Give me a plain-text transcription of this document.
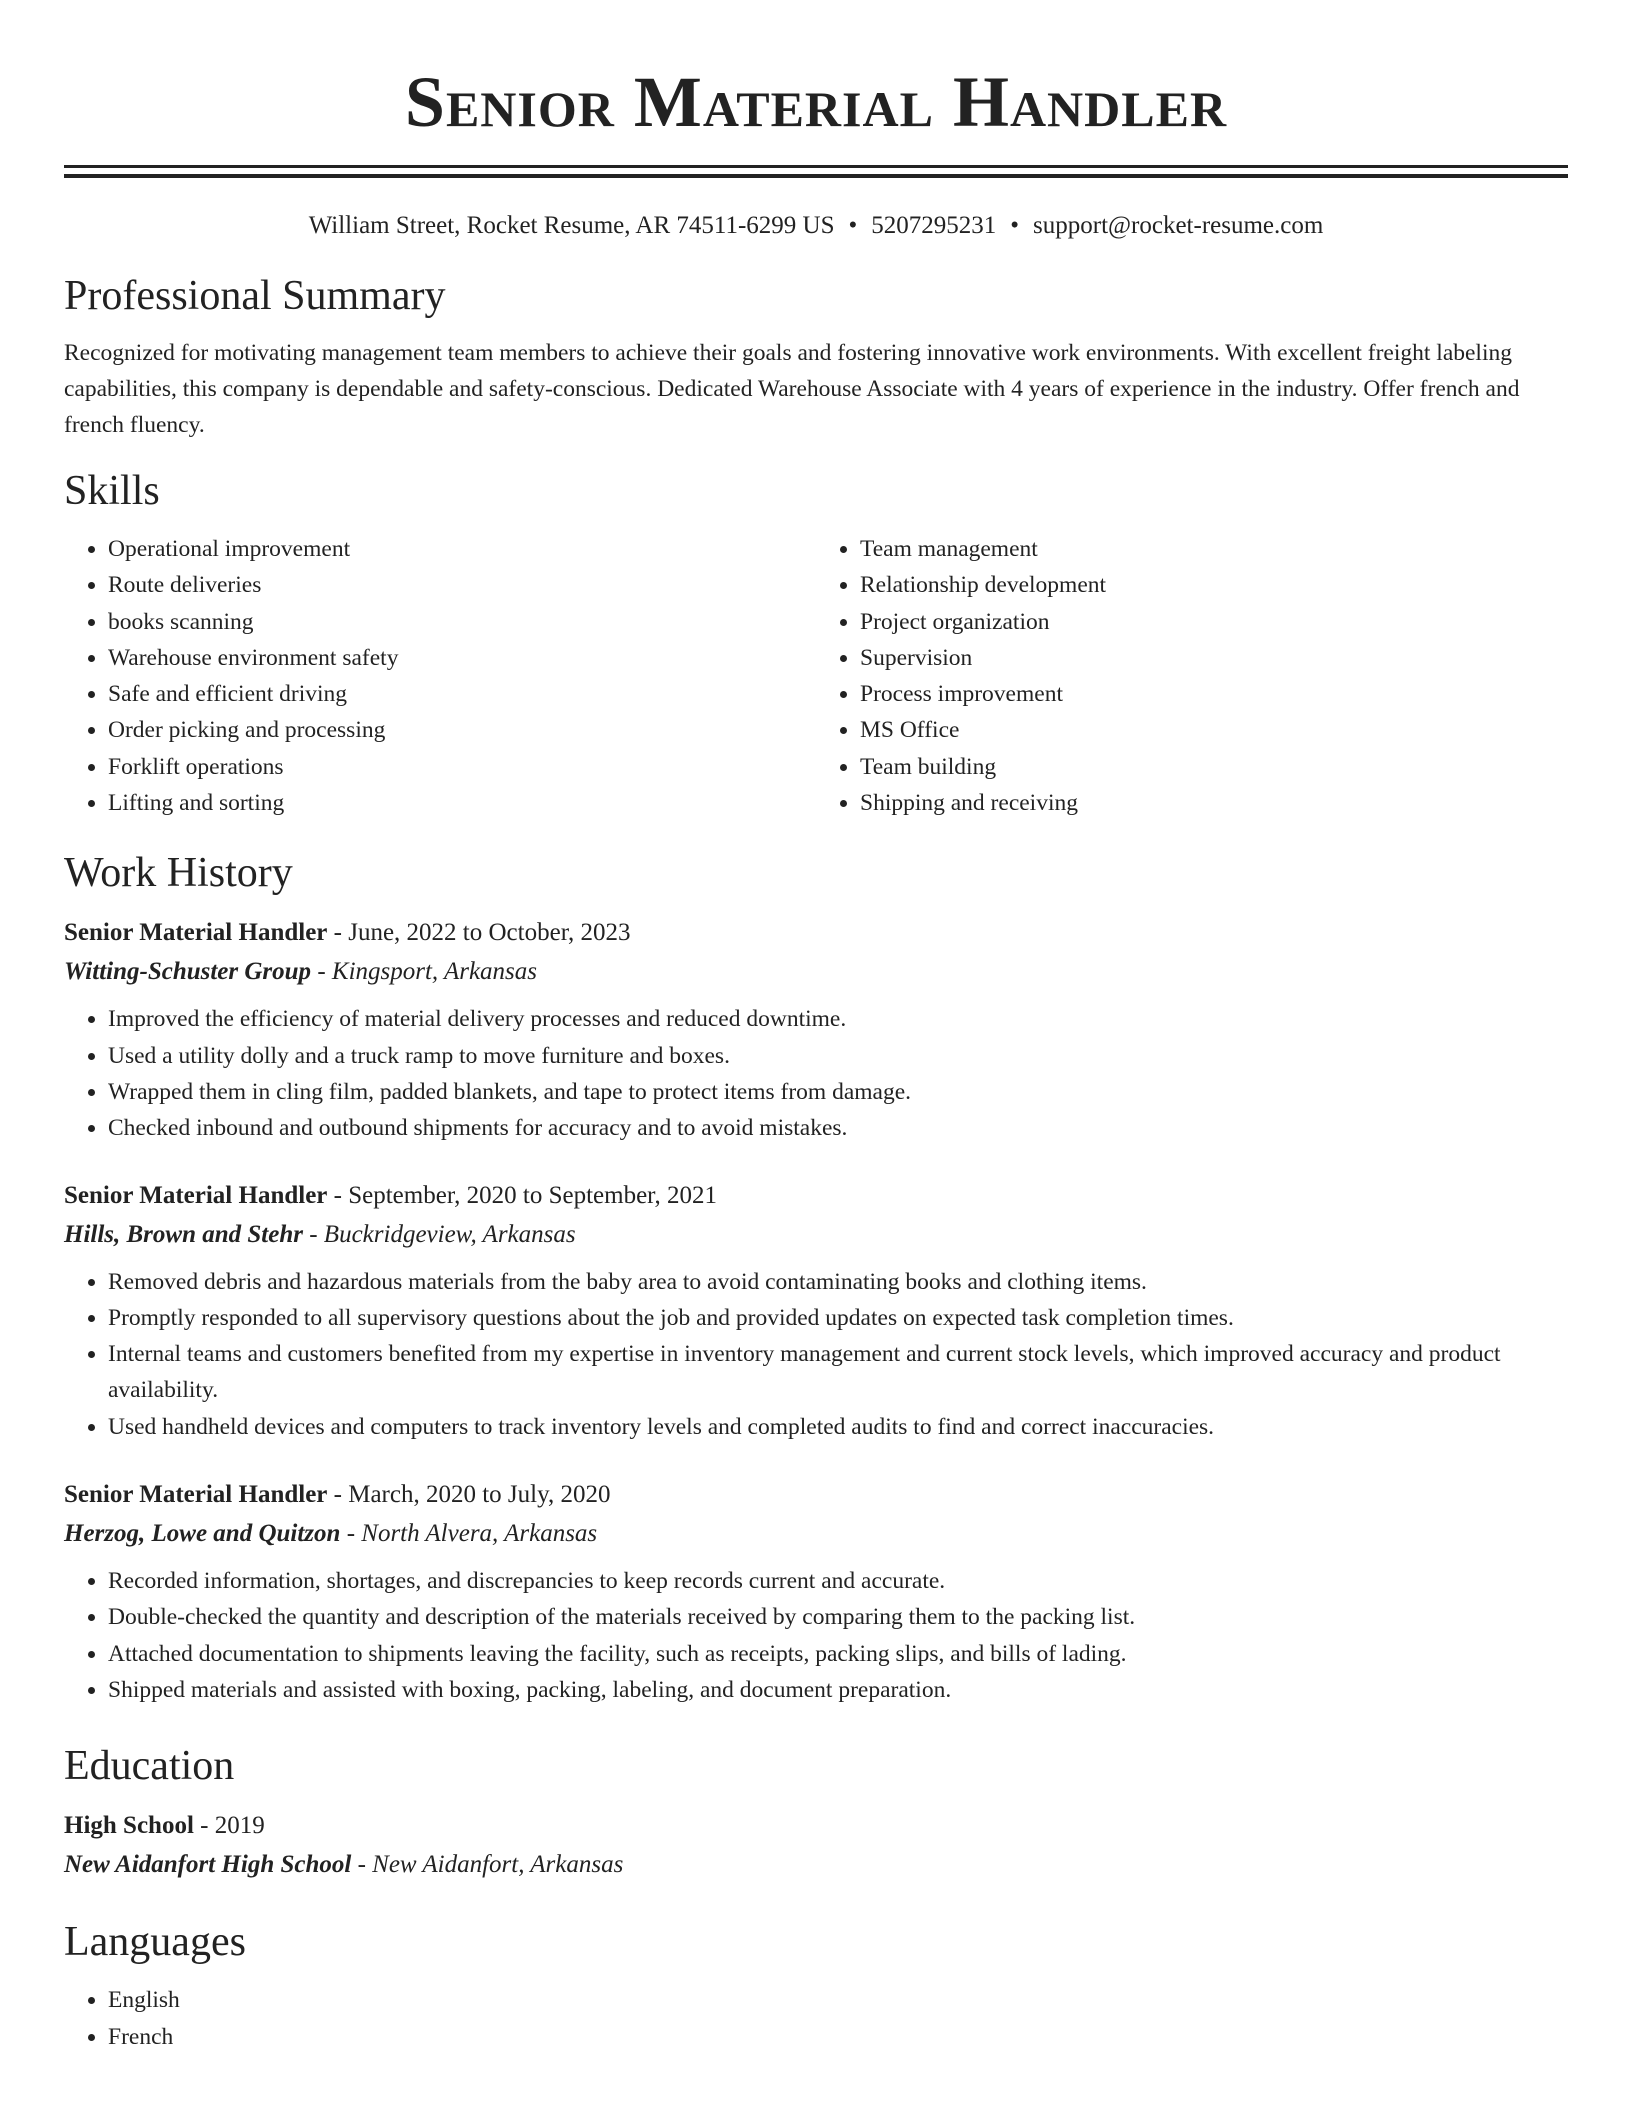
Senior Material Handler
William Street, Rocket Resume, AR 74511-6299 US • 5207295231 • support@rocket-resume.com
Professional Summary
Recognized for motivating management team members to achieve their goals and fostering innovative work environments. With excellent freight labeling capabilities, this company is dependable and safety-conscious. Dedicated Warehouse Associate with 4 years of experience in the industry. Offer french and french fluency.
Skills
• Operational improvement
• Route deliveries
• books scanning
• Warehouse environment safety
• Safe and efficient driving
• Order picking and processing
• Forklift operations
• Lifting and sorting
• Team management
• Relationship development
• Project organization
• Supervision
• Process improvement
• MS Office
• Team building
• Shipping and receiving
Work History
Senior Material Handler - June, 2022 to October, 2023
Witting-Schuster Group - Kingsport, Arkansas
• Improved the efficiency of material delivery processes and reduced downtime.
• Used a utility dolly and a truck ramp to move furniture and boxes.
• Wrapped them in cling film, padded blankets, and tape to protect items from damage.
• Checked inbound and outbound shipments for accuracy and to avoid mistakes.
Senior Material Handler - September, 2020 to September, 2021
Hills, Brown and Stehr - Buckridgeview, Arkansas
• Removed debris and hazardous materials from the baby area to avoid contaminating books and clothing items.
• Promptly responded to all supervisory questions about the job and provided updates on expected task completion times.
• Internal teams and customers benefited from my expertise in inventory management and current stock levels, which improved accuracy and product availability.
• Used handheld devices and computers to track inventory levels and completed audits to find and correct inaccuracies.
Senior Material Handler - March, 2020 to July, 2020
Herzog, Lowe and Quitzon - North Alvera, Arkansas
• Recorded information, shortages, and discrepancies to keep records current and accurate.
• Double-checked the quantity and description of the materials received by comparing them to the packing list.
• Attached documentation to shipments leaving the facility, such as receipts, packing slips, and bills of lading.
• Shipped materials and assisted with boxing, packing, labeling, and document preparation.
Education
High School - 2019
New Aidanfort High School - New Aidanfort, Arkansas
Languages
• English
• French
